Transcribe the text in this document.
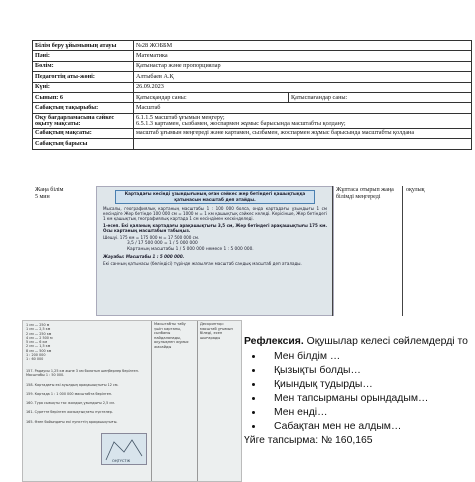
Білім беру ұйымының атауы	№28 ЖОББМ	
Пәні:	Математика	
Бөлім:	Қатынастар және пропорциялар	
Педагогтің аты-жөні:	Алтыбаев А.Қ	
Күні:	26.09.2023	
Сынып: 6	Қатысқандар саны:	Қатыспағандар саны:
Сабақтың тақырыбы:	Масштаб	

Оқу бағдарламасына сәйкес
оқыту мақсаты:	6.1.1.5 масштаб ұғымын меңгеру;
6.5.1.3 картамен, сызбамен, жоспармен жұмыс барысында масштабты қолдану;	

Сабақтың мақсаты:	масштаб ұғымын меңгереді және картамен, сызбамен, жоспармен жұмыс барысында масштабты қолдана	
Сабақтың барысы		
Жаңа білім
5 мин
Картадағы кесінді ұзындығының оған сәйкес жер бетіндегі қашықтыққа қатынасын масштаб деп атайды.
Мысалы, географиялық картаның масштабы 1 : 100 000 болса, онда картадағы ұзындығы 1 см кесіндіге Жер бетінде 100 000 см = 1000 м = 1 км қашықтық сәйкес келеді. Керісінше, Жер бетіндегі 1 км қашықтық географиялық картада 1 см кесіндімен кескінделеді.
1-есеп. Екі қаланың картадағы арақашықтығы 3,5 см, Жер бетіндегі арақашықтығы 175 км. Осы картаның масштабын табыңыз.
Шешуі. 175 км = 175 000 м = 17 500 000 см.
3,5 / 17 500 000 = 1 / 5 000 000
Картаның масштабы 1 / 5 000 000 немесе 1 : 5 000 000.
Жауабы: Масштабы 1 : 5 000 000.
Екі санның қатынасы (бөліндісі) түрінде жазылған масштаб сандық масштаб деп аталады.
Жұптаса отырып жаңа білімді меңгереді
оқулық
1 см — 250 м
1 см — 2,5 км
2 см — 250 км
4 см — 2 500 м
5 см — 6 км
2 см — 1,5 км
8 см — 500 км
1 : 200 000
1 : 60 000
157. Радиусы 1,25 км және 3 км болатын шеңберлер берілген. Масштабы 1 : 50 000.
158. Картадағы екі ауылдың арақашықтығы 12 см.
159. Картада 1 : 1 000 000 масштабта берілген.
160. Тура сызықты тас жолдың ұзындығы 2,5 см.
161. Суретте берілген жазықтықтағы нүктелер.
165. Өзен бойындағы екі пункттің арақашықтығы.
ОҢТҮСТІК
Масштабты табу үшін картаны, сызбаны пайдаланады, оқулықпен жұмыс жасайды
Дескриптор: масштаб ұғымын біледі, есеп шығарады	Рефлексия. Оқушылар келесі сөйлемдерді то
Мен білдім …
Қызықты болды…
Қиындық тудырды…
Мен тапсырманы орындадым…
Мен енді…
Сабақтан мен не алдым…
Үйге тапсырма: № 160,165
